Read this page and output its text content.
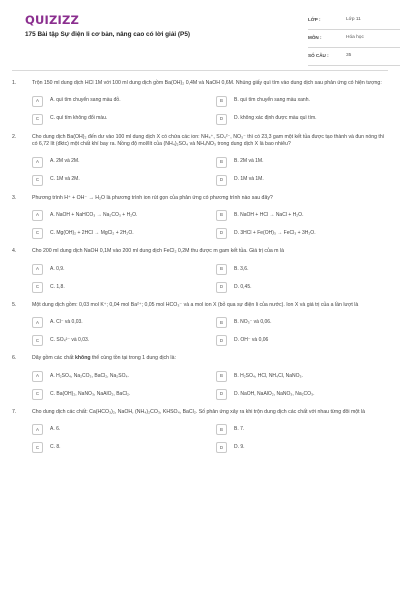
QUIZIZZ
175 Bài tập Sự điện li cơ bản, nâng cao có lời giải (P5)
LỚP :	Lớp 11
MÔN :	Hóa học
SỐ CÂU :	35
1.	Trộn 150 ml dung dịch HCl 1M với 100 ml dung dịch gồm Ba(OH)₂ 0,4M và NaOH 0,6M. Nhúng giấy quì tím vào dung dịch sau phản ứng có hiện tượng:
A	A. quì tím chuyển sang màu đỏ.	B	B. quì tím chuyển sang màu xanh.
C	C. quì tím không đổi màu.	D	D. không xác định được màu quì tím.
2.	Cho dung dịch Ba(OH)₂ đến dư vào 100 ml dung dịch X có chứa các ion: NH₄⁺, SO₄²⁻, NO₃⁻ thì có 23,3 gam một kết tủa được tạo thành và đun nóng thì có 6,72 lít (đktc) một chất khí bay ra. Nồng độ mol/lít của (NH₄)₂SO₄ và NH₄NO₃ trong dung dịch X là bao nhiêu?
A	A. 2M và 2M.	B	B. 2M và 1M.
C	C. 1M và 2M.	D	D. 1M và 1M.
3.	Phương trình H⁺ + OH⁻ → H₂O là phương trình ion rút gọn của phản ứng có phương trình nào sau đây?
A	A. NaOH + NaHCO₃ → Na₂CO₃ + H₂O.	B	B. NaOH + HCl → NaCl + H₂O.
C	C. Mg(OH)₂ + 2HCl → MgCl₂ + 2H₂O.	D	D. 3HCl + Fe(OH)₃ → FeCl₃ + 3H₂O.
4.	Cho 200 ml dung dịch NaOH 0,1M vào 200 ml dung dịch FeCl₂ 0,2M thu được m gam kết tủa. Giá trị của m là
A	A. 0,9.	B	B. 3,6.
C	C. 1,8.	D	D. 0,45.
5.	Một dung dịch gồm: 0,03 mol K⁺; 0,04 mol Ba²⁺; 0,05 mol HCO₃⁻ và a mol ion X (bỏ qua sự điện li của nước). Ion X và giá trị của a lần lượt là
A	A. Cl⁻ và 0,03.	B	B. NO₃⁻ và 0,06.
C	C. SO₄²⁻ và 0,03.	D	D. OH⁻ và 0,06
6.	Dãy gồm các chất không thể cùng tồn tại trong 1 dung dịch là:
A	A. H₂SO₄, Na₂CO₃, BaCl₂, Na₂SO₄.	B	B. H₂SO₄, HCl, NH₄Cl, NaNO₃.
C	C. Ba(OH)₂, NaNO₃, NaAlO₂, BaCl₂.	D	D. NaOH, NaAlO₂, NaNO₃, Na₂CO₃.
7.	Cho dung dịch các chất: Ca(HCO₃)₂, NaOH, (NH₄)₂CO₃, KHSO₄, BaCl₂. Số phản ứng xảy ra khi trộn dung dịch các chất với nhau từng đôi một là
A	A. 6.	B	B. 7.
C	C. 8.	D	D. 9.
